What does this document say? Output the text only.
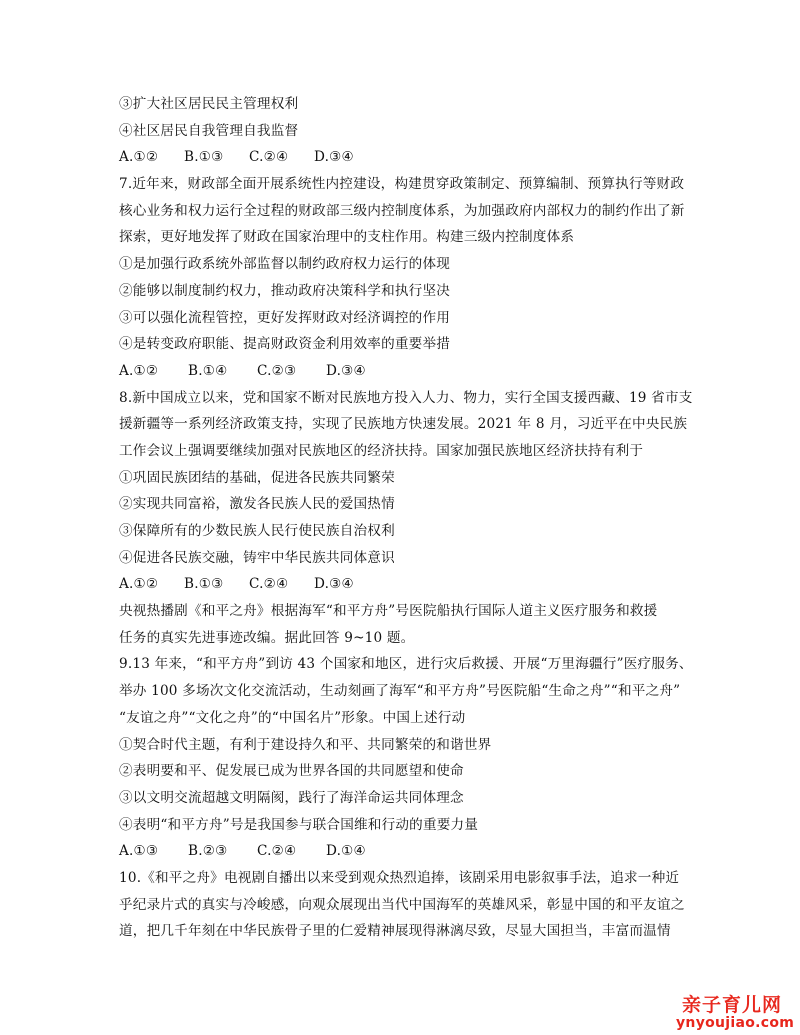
③扩大社区居民民主管理权利
④社区居民自我管理自我监督
A.①②	B.①③	C.②④	D.③④
7.近年来，财政部全面开展系统性内控建设，构建贯穿政策制定、预算编制、预算执行等财政
核心业务和权力运行全过程的财政部三级内控制度体系，为加强政府内部权力的制约作出了新
探索，更好地发挥了财政在国家治理中的支柱作用。构建三级内控制度体系
①是加强行政系统外部监督以制约政府权力运行的体现
②能够以制度制约权力，推动政府决策科学和执行坚决
③可以强化流程管控，更好发挥财政对经济调控的作用
④是转变政府职能、提高财政资金利用效率的重要举措
A.①②	B.①④	C.②③	D.③④
8.新中国成立以来，党和国家不断对民族地方投入人力、物力，实行全国支援西藏、19 省市支
援新疆等一系列经济政策支持，实现了民族地方快速发展。2021 年 8 月，习近平在中央民族
工作会议上强调要继续加强对民族地区的经济扶持。国家加强民族地区经济扶持有利于
①巩固民族团结的基础，促进各民族共同繁荣
②实现共同富裕，激发各民族人民的爱国热情
③保障所有的少数民族人民行使民族自治权利
④促进各民族交融，铸牢中华民族共同体意识
A.①②	B.①③	C.②④	D.③④
央视热播剧《和平之舟》根据海军“和平方舟”号医院船执行国际人道主义医疗服务和救援
任务的真实先进事迹改编。据此回答 9~10 题。
9.13 年来，“和平方舟”到访 43 个国家和地区，进行灾后救援、开展“万里海疆行”医疗服务、
举办 100 多场次文化交流活动，生动刻画了海军“和平方舟”号医院船“生命之舟”“和平之舟”
“友谊之舟”“文化之舟”的“中国名片”形象。中国上述行动
①契合时代主题，有利于建设持久和平、共同繁荣的和谐世界
②表明要和平、促发展已成为世界各国的共同愿望和使命
③以文明交流超越文明隔阂，践行了海洋命运共同体理念
④表明“和平方舟”号是我国参与联合国维和行动的重要力量
A.①③	B.②③	C.②④	D.①④
10.《和平之舟》电视剧自播出以来受到观众热烈追捧，该剧采用电影叙事手法，追求一种近
乎纪录片式的真实与冷峻感，向观众展现出当代中国海军的英雄风采，彰显中国的和平友谊之
道，把几千年刻在中华民族骨子里的仁爱精神展现得淋漓尽致，尽显大国担当，丰富而温情
亲子育儿网
ynyoujiao.com
